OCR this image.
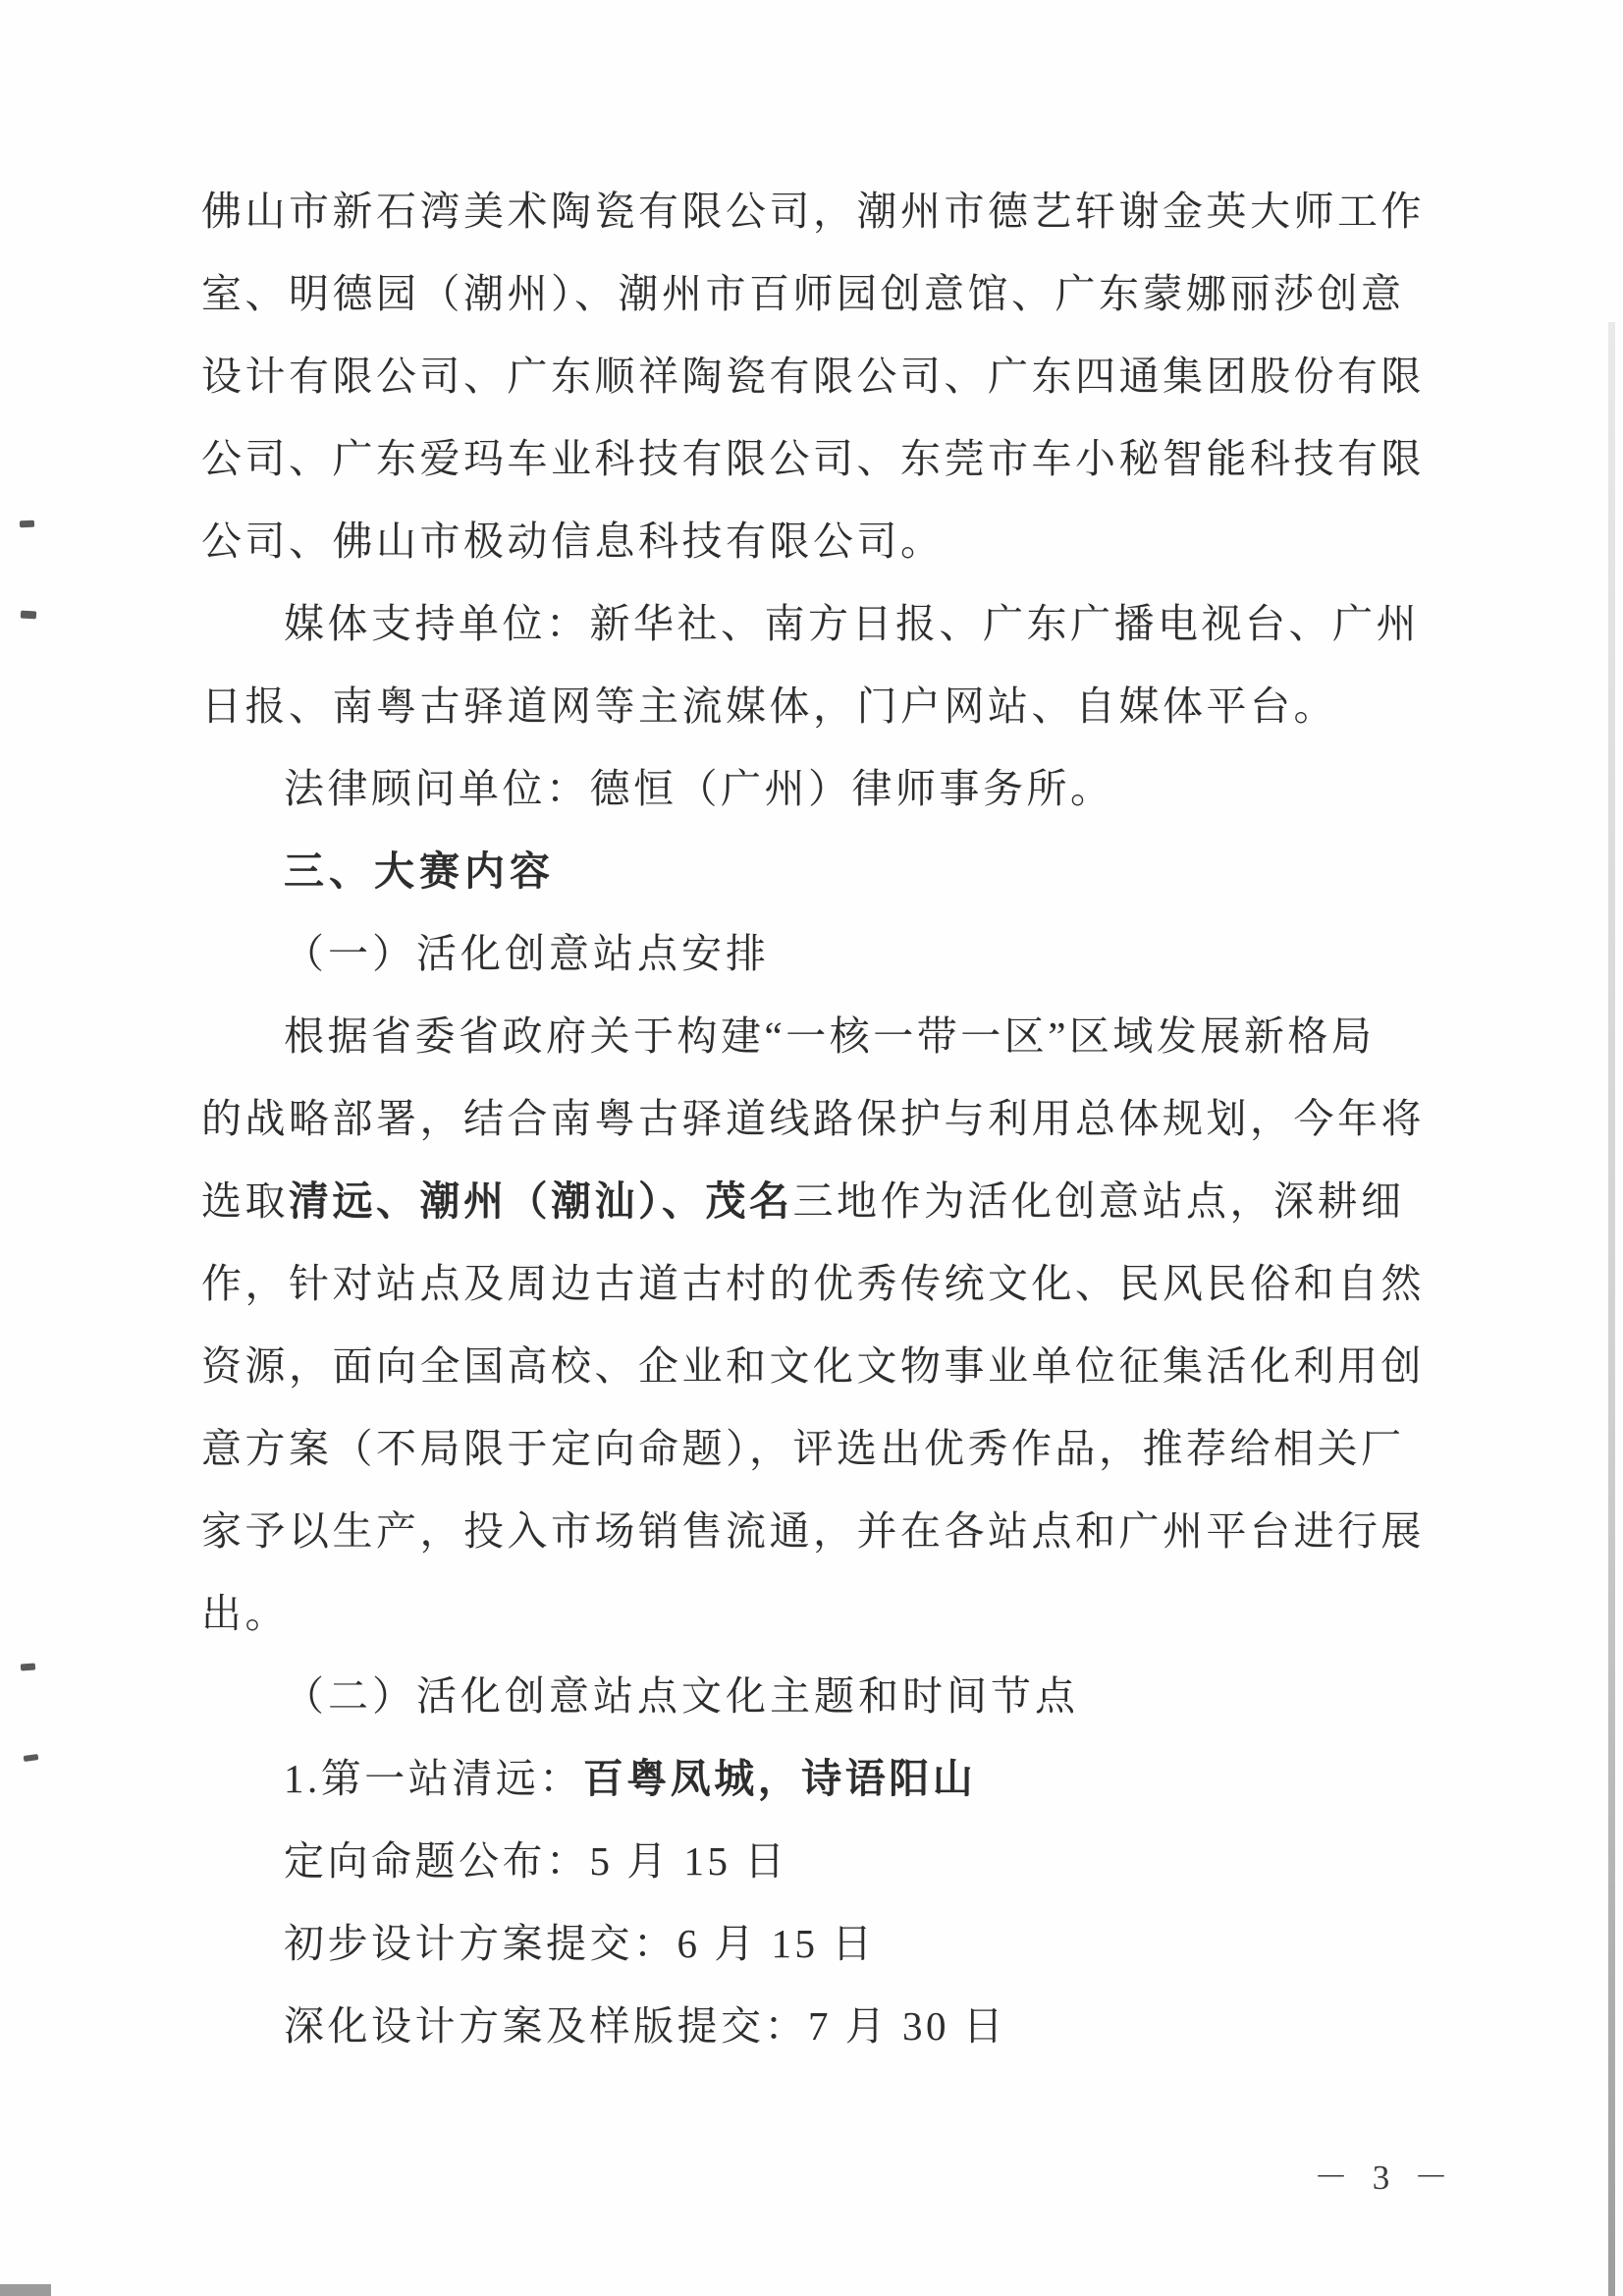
佛山市新石湾美术陶瓷有限公司，潮州市德艺轩谢金英大师工作

室、明德园（潮州）、潮州市百师园创意馆、广东蒙娜丽莎创意

设计有限公司、广东顺祥陶瓷有限公司、广东四通集团股份有限

公司、广东爱玛车业科技有限公司、东莞市车小秘智能科技有限

公司、佛山市极动信息科技有限公司。

媒体支持单位：新华社、南方日报、广东广播电视台、广州

日报、南粤古驿道网等主流媒体，门户网站、自媒体平台。

法律顾问单位：德恒（广州）律师事务所。

三、大赛内容

（一）活化创意站点安排

根据省委省政府关于构建“一核一带一区”区域发展新格局

的战略部署，结合南粤古驿道线路保护与利用总体规划，今年将

选取清远、潮州（潮汕）、茂名三地作为活化创意站点，深耕细

作，针对站点及周边古道古村的优秀传统文化、民风民俗和自然

资源，面向全国高校、企业和文化文物事业单位征集活化利用创

意方案（不局限于定向命题），评选出优秀作品，推荐给相关厂

家予以生产，投入市场销售流通，并在各站点和广州平台进行展

出。

（二）活化创意站点文化主题和时间节点

1.第一站清远：百粤凤城，诗语阳山

定向命题公布：5 月 15 日

初步设计方案提交：6 月 15 日

深化设计方案及样版提交：7 月 30 日

－ 3 －
